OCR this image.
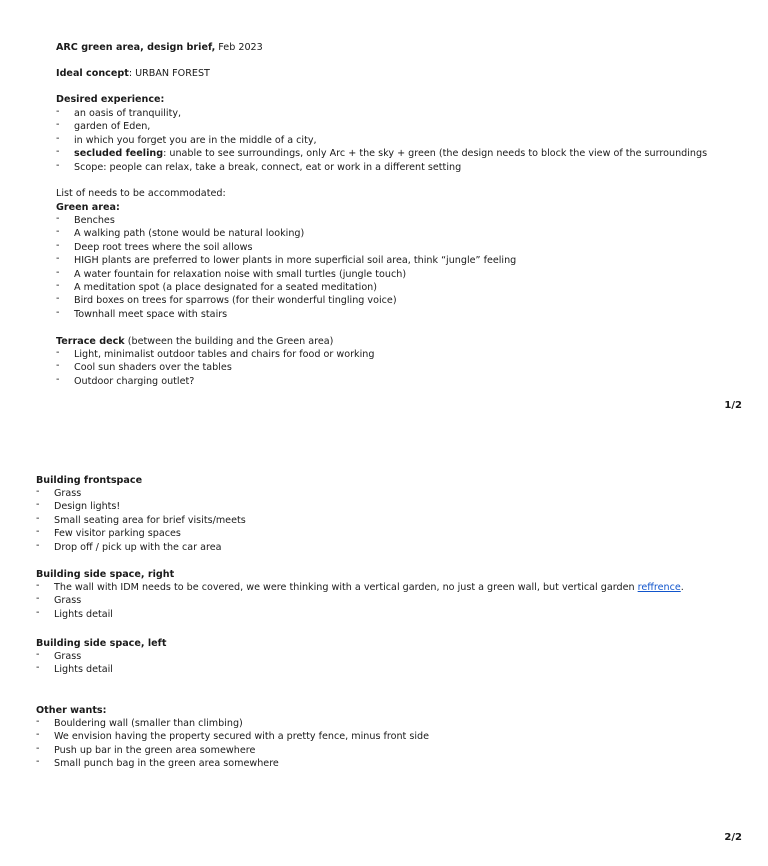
ARC green area, design brief, Feb 2023
Ideal concept: URBAN FOREST
Desired experience:
- an oasis of tranquility,
- garden of Eden,
- in which you forget you are in the middle of a city,
- secluded feeling: unable to see surroundings, only Arc + the sky + green (the design needs to block the view of the surroundings
- Scope: people can relax, take a break, connect, eat or work in a different setting
List of needs to be accommodated:
Green area:
- Benches
- A walking path (stone would be natural looking)
- Deep root trees where the soil allows
- HIGH plants are preferred to lower plants in more superficial soil area, think “jungle” feeling
- A water fountain for relaxation noise with small turtles (jungle touch)
- A meditation spot (a place designated for a seated meditation)
- Bird boxes on trees for sparrows (for their wonderful tingling voice)
- Townhall meet space with stairs
Terrace deck (between the building and the Green area)
- Light, minimalist outdoor tables and chairs for food or working
- Cool sun shaders over the tables
- Outdoor charging outlet?
1/2
Building frontspace
- Grass
- Design lights!
- Small seating area for brief visits/meets
- Few visitor parking spaces
- Drop off / pick up with the car area
Building side space, right
- The wall with IDM needs to be covered, we were thinking with a vertical garden, no just a green wall, but vertical garden reffrence.
- Grass
- Lights detail
Building side space, left
- Grass
- Lights detail
Other wants:
- Bouldering wall (smaller than climbing)
- We envision having the property secured with a pretty fence, minus front side
- Push up bar in the green area somewhere
- Small punch bag in the green area somewhere
2/2
